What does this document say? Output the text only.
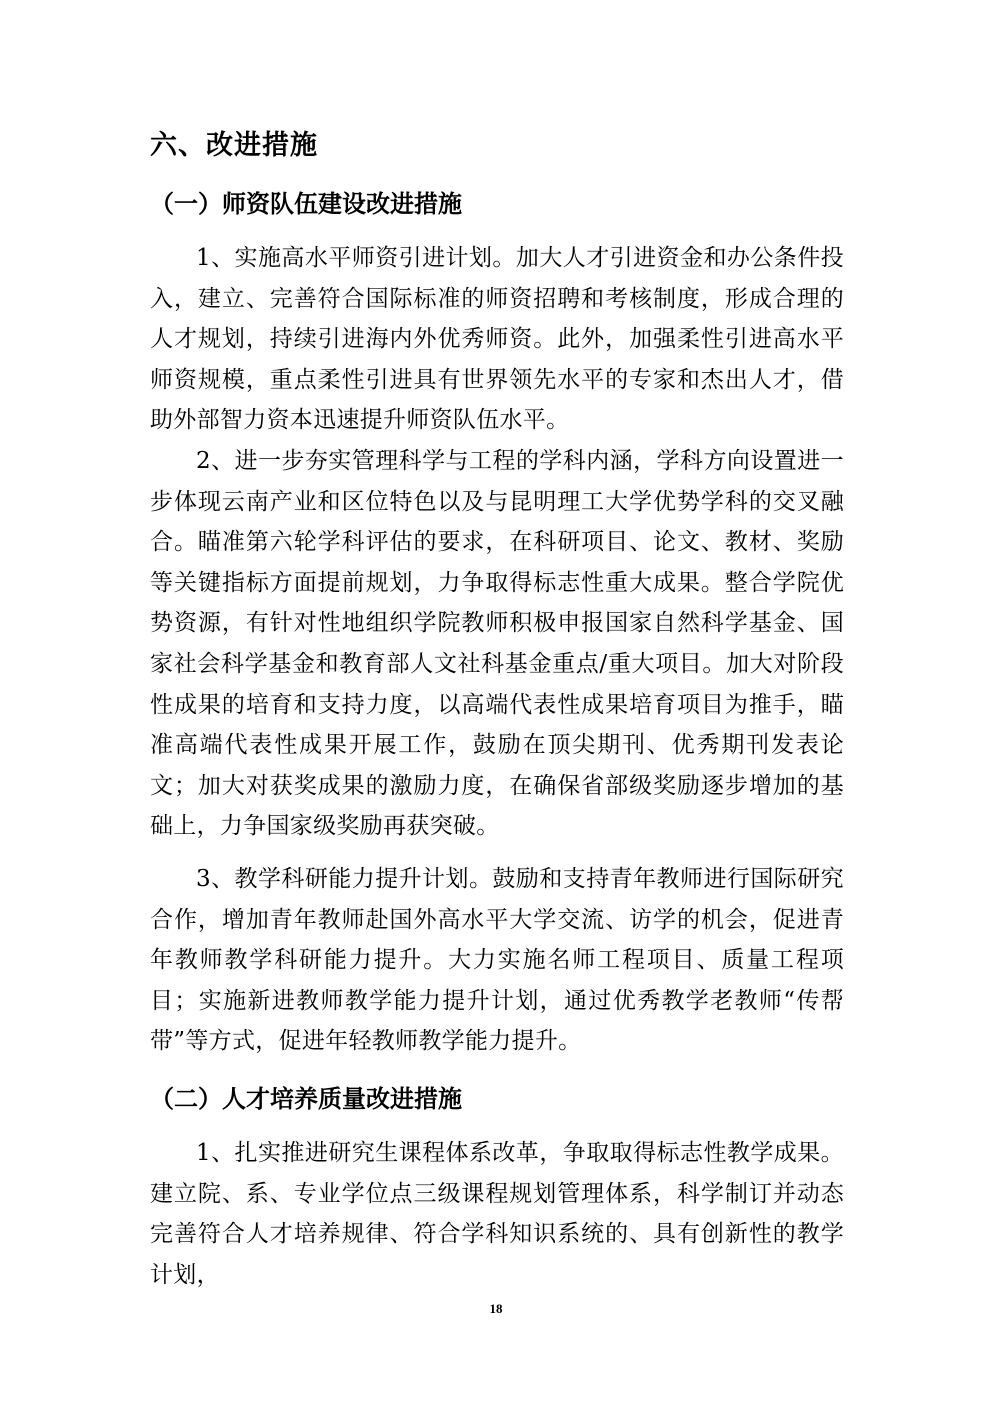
六、改进措施
（一）师资队伍建设改进措施

1、实施高水平师资引进计划。加大人才引进资金和办公条件投入，建立、完善符合国际标准的师资招聘和考核制度，形成合理的人才规划，持续引进海内外优秀师资。此外，加强柔性引进高水平师资规模，重点柔性引进具有世界领先水平的专家和杰出人才，借助外部智力资本迅速提升师资队伍水平。

2、进一步夯实管理科学与工程的学科内涵，学科方向设置进一步体现云南产业和区位特色以及与昆明理工大学优势学科的交叉融合。瞄准第六轮学科评估的要求，在科研项目、论文、教材、奖励等关键指标方面提前规划，力争取得标志性重大成果。整合学院优势资源，有针对性地组织学院教师积极申报国家自然科学基金、国家社会科学基金和教育部人文社科基金重点/重大项目。加大对阶段性成果的培育和支持力度，以高端代表性成果培育项目为推手，瞄准高端代表性成果开展工作，鼓励在顶尖期刊、优秀期刊发表论文；加大对获奖成果的激励力度，在确保省部级奖励逐步增加的基础上，力争国家级奖励再获突破。

3、教学科研能力提升计划。鼓励和支持青年教师进行国际研究合作，增加青年教师赴国外高水平大学交流、访学的机会，促进青年教师教学科研能力提升。大力实施名师工程项目、质量工程项目；实施新进教师教学能力提升计划，通过优秀教学老教师“传帮带”等方式，促进年轻教师教学能力提升。

（二）人才培养质量改进措施

1、扎实推进研究生课程体系改革，争取取得标志性教学成果。建立院、系、专业学位点三级课程规划管理体系，科学制订并动态完善符合人才培养规律、符合学科知识系统的、具有创新性的教学计划，

18
